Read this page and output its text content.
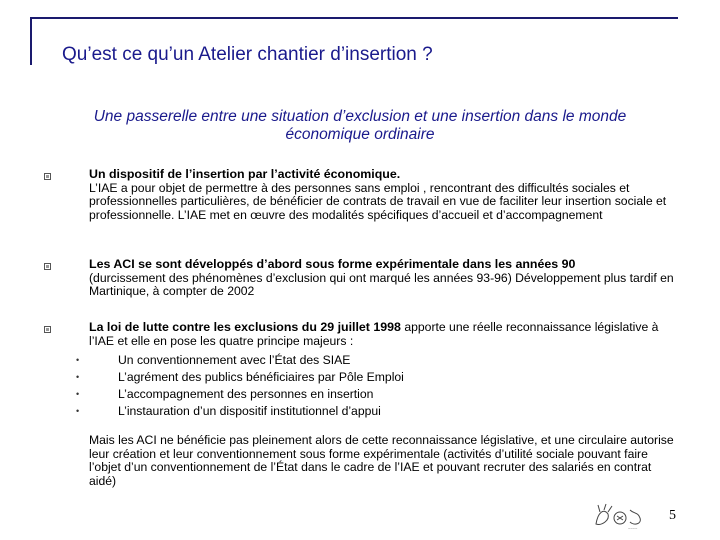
Qu’est ce qu’un Atelier chantier d’insertion ?
Une passerelle entre une situation d’exclusion et une insertion dans le monde économique ordinaire
Un dispositif de l’insertion par l’activité économique.
L’IAE a pour objet de permettre à des personnes sans emploi , rencontrant des difficultés sociales et professionnelles particulières, de bénéficier de contrats de travail en vue de faciliter leur insertion sociale et professionnelle. L’IAE met en œuvre des modalités spécifiques d’accueil et d’accompagnement
Les ACI se sont développés d’abord sous forme expérimentale dans les années 90
(durcissement des phénomènes d’exclusion qui ont marqué les années 93-96) Développement plus tardif en Martinique, à compter de 2002
La loi de lutte contre les exclusions du 29 juillet 1998 apporte une réelle reconnaissance législative à l’IAE et elle en pose les quatre principe majeurs :
•	Un conventionnement avec l’État des SIAE
•	L’agrément des publics bénéficiaires par Pôle Emploi
•	L’accompagnement des personnes en insertion
•	L’instauration d’un dispositif institutionnel d’appui
Mais les ACI ne bénéficie pas pleinement alors de cette reconnaissance législative, et une circulaire autorise leur création et leur conventionnement sous forme expérimentale (activités d’utilité sociale pouvant faire l’objet d’un conventionnement de l’État dans le cadre de l’IAE et pouvant recruter des salariés en contrat aidé)
~~~~
5
